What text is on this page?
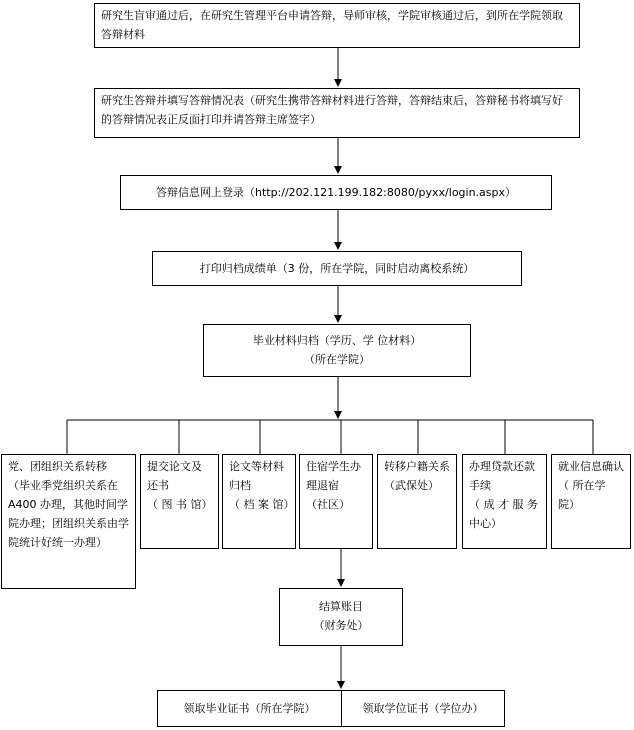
研究生盲审通过后，在研究生管理平台申请答辩，导师审核，学院审核通过后，到所在学院领取答辩材料
研究生答辩并填写答辩情况表（研究生携带答辩材料进行答辩，答辩结束后，答辩秘书将填写好的答辩情况表正反面打印并请答辩主席签字）
答辩信息网上登录（http://202.121.199.182:8080/pyxx/login.aspx）
打印归档成绩单（3 份，所在学院，同时启动离校系统）
毕业材料归档（学历、学 位材料）
（所在学院）
党、团组织关系转移
（毕业季党组织关系在 A400 办理，其他时间学院办理；团组织关系由学院统计好统一办理）
提交论文及还书
（ 图 书 馆）
论文等材料归档
（ 档 案 馆）
住宿学生办理退宿
（社区）
转移户籍关系
（武保处）
办理贷款还款手续
（ 成 才 服 务中心）
就业信息确认
（ 所在学 院）
结算账目
（财务处）
领取毕业证书（所在学院）	领取学位证书（学位办）
